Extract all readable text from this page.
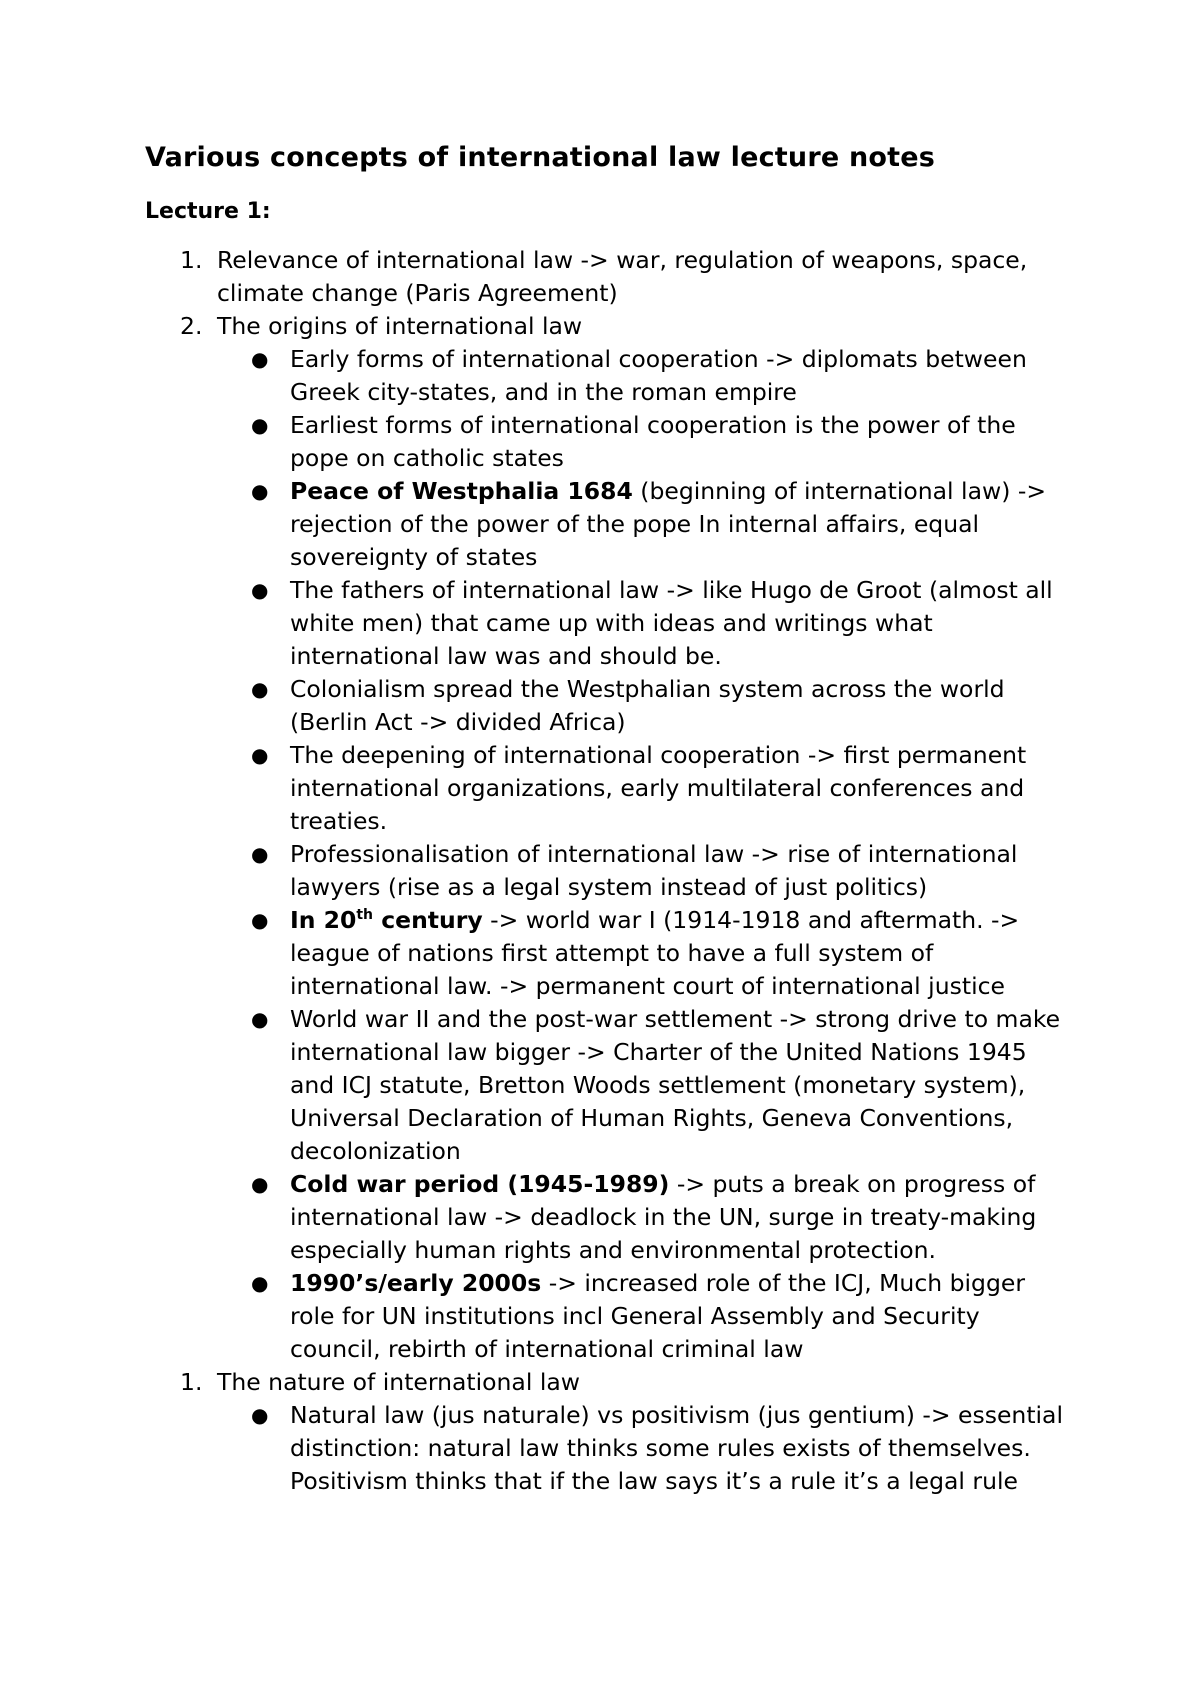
Various concepts of international law lecture notes
Lecture 1:
1. Relevance of international law -> war, regulation of weapons, space, climate change (Paris Agreement)
2. The origins of international law
● Early forms of international cooperation -> diplomats between Greek city-states, and in the roman empire
● Earliest forms of international cooperation is the power of the pope on catholic states
● Peace of Westphalia 1684 (beginning of international law) -> rejection of the power of the pope In internal affairs, equal sovereignty of states
● The fathers of international law -> like Hugo de Groot (almost all white men) that came up with ideas and writings what international law was and should be.
● Colonialism spread the Westphalian system across the world (Berlin Act -> divided Africa)
● The deepening of international cooperation -> first permanent international organizations, early multilateral conferences and treaties.
● Professionalisation of international law -> rise of international lawyers (rise as a legal system instead of just politics)
● In 20th century -> world war I (1914-1918 and aftermath. -> league of nations first attempt to have a full system of international law. -> permanent court of international justice
● World war II and the post-war settlement -> strong drive to make international law bigger -> Charter of the United Nations 1945 and ICJ statute, Bretton Woods settlement (monetary system), Universal Declaration of Human Rights, Geneva Conventions, decolonization
● Cold war period (1945-1989) -> puts a break on progress of international law -> deadlock in the UN, surge in treaty-making especially human rights and environmental protection.
● 1990’s/early 2000s -> increased role of the ICJ, Much bigger role for UN institutions incl General Assembly and Security council, rebirth of international criminal law
1. The nature of international law
● Natural law (jus naturale) vs positivism (jus gentium) -> essential distinction: natural law thinks some rules exists of themselves. Positivism thinks that if the law says it’s a rule it’s a legal rule
